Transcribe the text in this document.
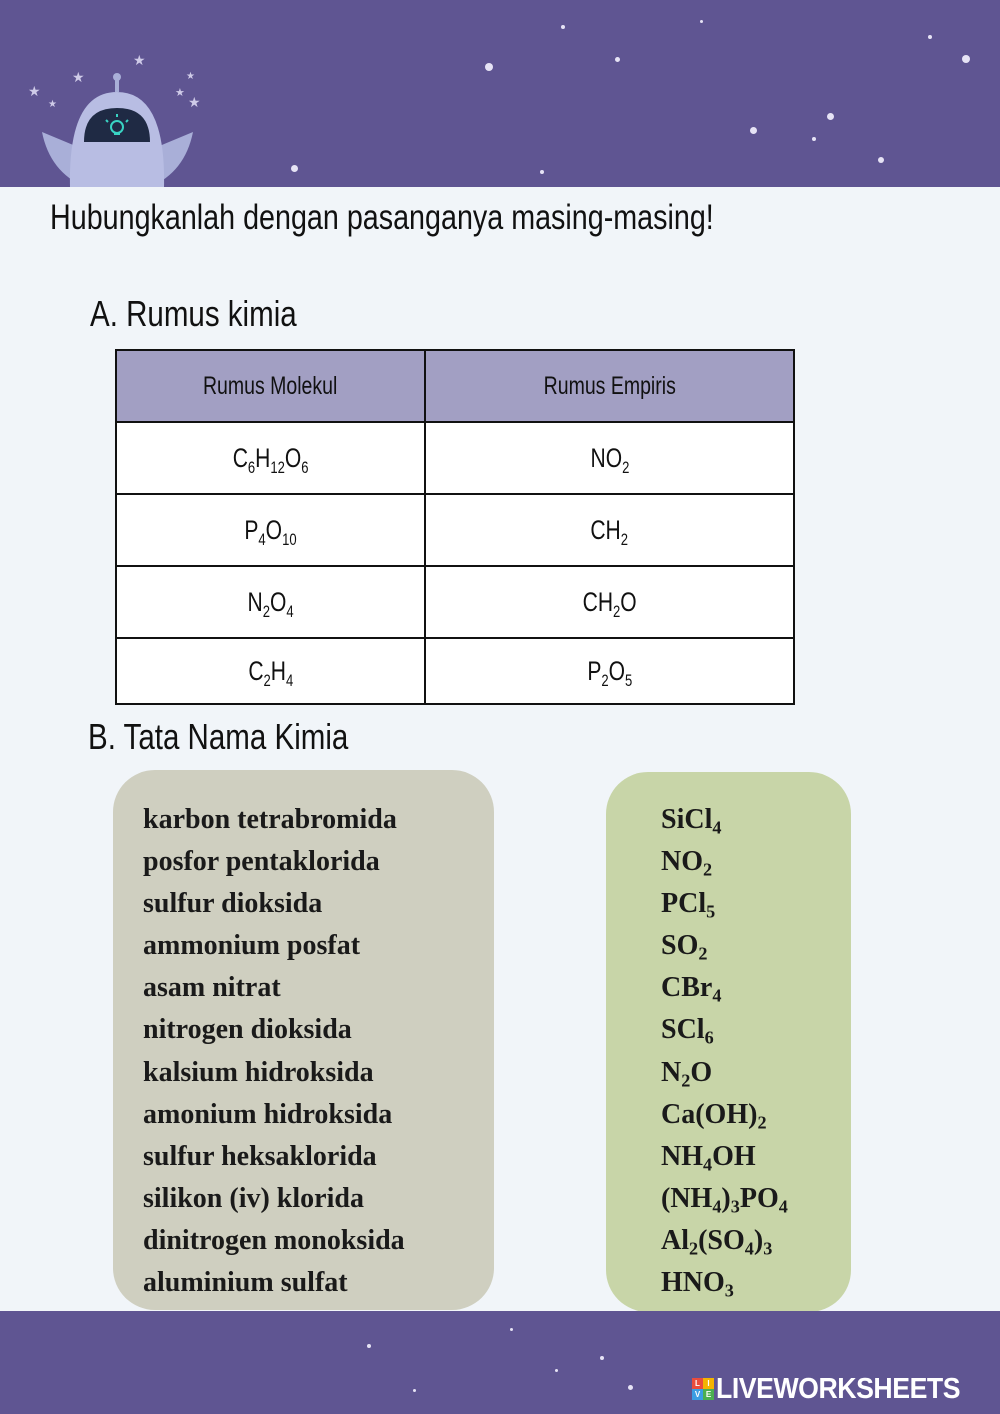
★
★
★
★
★
★
★
Hubungkanlah dengan pasanganya masing-masing!
A. Rumus kimia
Rumus Molekul	Rumus Empiris
$C_6H_{12}O_6$	$NO_2$
$P_4O_{10}$	$CH_2$
$N_2O_4$	$CH_2O$
$C_2H_4$	$P_2O_5$
B. Tata Nama Kimia
karbon tetrabromida
posfor pentaklorida
sulfur dioksida
ammonium posfat
asam nitrat
nitrogen dioksida
kalsium hidroksida
amonium hidroksida
sulfur heksaklorida
silikon (iv) klorida
dinitrogen monoksida
aluminium sulfat
SiCl$_4$
$NO_2$
PCl$_5$
$SO_2$
CBr$_4$
SCl$_6$
$N_2O$
$Ca(OH)_2$
$NH_4OH$
$(NH_4)_3PO_4$
$Al_2(SO_4)_3$
$HNO_3$
L I
V E LIVEWORKSHEETS
